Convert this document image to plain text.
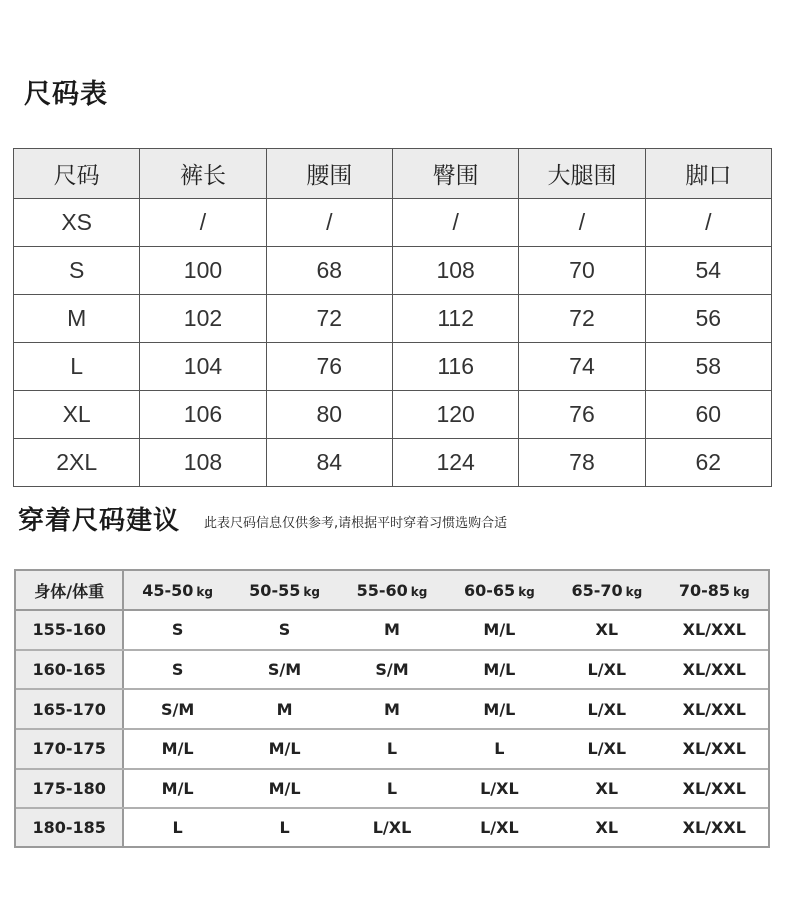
尺码表
尺码	裤长	腰围	臀围	大腿围	脚口
XS	/	/	/	/	/
S	100	68	108	70	54
M	102	72	112	72	56
L	104	76	116	74	58
XL	106	80	120	76	60
2XL	108	84	124	78	62
穿着尺码建议 此表尺码信息仅供参考,请根据平时穿着习惯选购合适
身体/体重	45-50 kg	50-55 kg	55-60 kg	60-65 kg	65-70 kg	70-85 kg
155-160	S	S	M	M/L	XL	XL/XXL
160-165	S	S/M	S/M	M/L	L/XL	XL/XXL
165-170	S/M	M	M	M/L	L/XL	XL/XXL
170-175	M/L	M/L	L	L	L/XL	XL/XXL
175-180	M/L	M/L	L	L/XL	XL	XL/XXL
180-185	L	L	L/XL	L/XL	XL	XL/XXL
